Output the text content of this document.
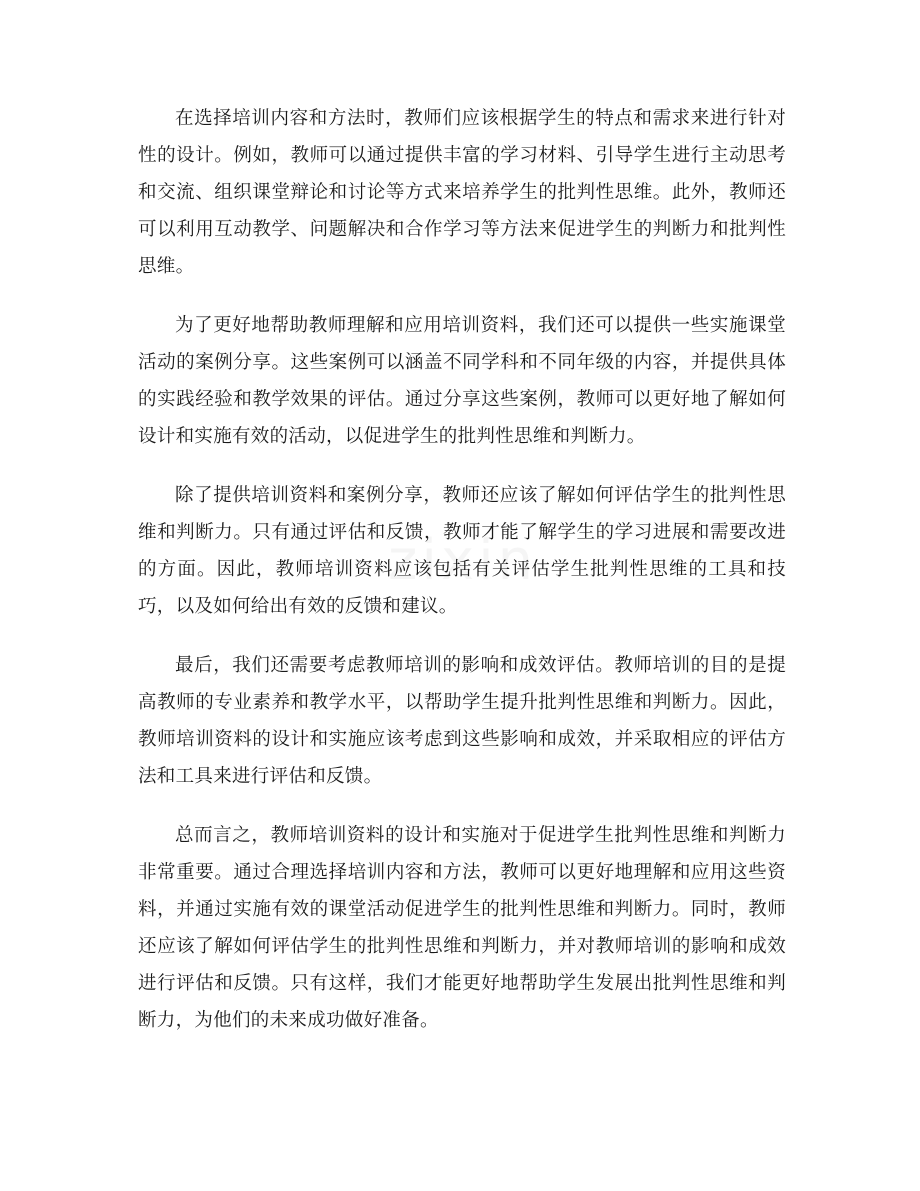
在选择培训内容和方法时，教师们应该根据学生的特点和需求来进行针对性的设计。例如，教师可以通过提供丰富的学习材料、引导学生进行主动思考和交流、组织课堂辩论和讨论等方式来培养学生的批判性思维。此外，教师还可以利用互动教学、问题解决和合作学习等方法来促进学生的判断力和批判性思维。

为了更好地帮助教师理解和应用培训资料，我们还可以提供一些实施课堂活动的案例分享。这些案例可以涵盖不同学科和不同年级的内容，并提供具体的实践经验和教学效果的评估。通过分享这些案例，教师可以更好地了解如何设计和实施有效的活动，以促进学生的批判性思维和判断力。

除了提供培训资料和案例分享，教师还应该了解如何评估学生的批判性思维和判断力。只有通过评估和反馈，教师才能了解学生的学习进展和需要改进的方面。因此，教师培训资料应该包括有关评估学生批判性思维的工具和技巧，以及如何给出有效的反馈和建议。

最后，我们还需要考虑教师培训的影响和成效评估。教师培训的目的是提高教师的专业素养和教学水平，以帮助学生提升批判性思维和判断力。因此，教师培训资料的设计和实施应该考虑到这些影响和成效，并采取相应的评估方法和工具来进行评估和反馈。

总而言之，教师培训资料的设计和实施对于促进学生批判性思维和判断力非常重要。通过合理选择培训内容和方法，教师可以更好地理解和应用这些资料，并通过实施有效的课堂活动促进学生的批判性思维和判断力。同时，教师还应该了解如何评估学生的批判性思维和判断力，并对教师培训的影响和成效进行评估和反馈。只有这样，我们才能更好地帮助学生发展出批判性思维和判断力，为他们的未来成功做好准备。
